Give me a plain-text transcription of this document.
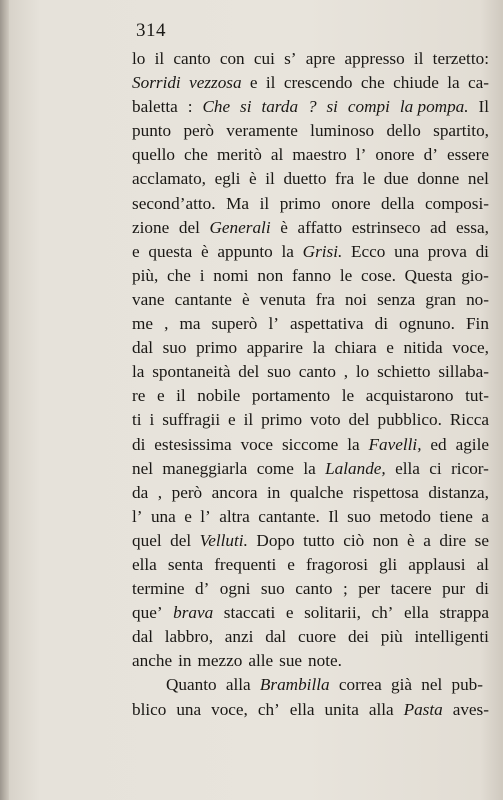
314
lo il canto con cui s’ apre appresso il terzetto:
Sorridi vezzosa e il crescendo che chiude la ca-
baletta : Che si tarda ? si compi la pompa. Il
punto però veramente luminoso dello spartito,
quello che meritò al maestro l’ onore d’ essere
acclamato, egli è il duetto fra le due donne nel
second’atto. Ma il primo onore della composi-
zione del Generali è affatto estrinseco ad essa,
e questa è appunto la Grisi. Ecco una prova di
più, che i nomi non fanno le cose. Questa gio-
vane cantante è venuta fra noi senza gran no-
me , ma superò l’ aspettativa di ognuno. Fin
dal suo primo apparire la chiara e nitida voce,
la spontaneità del suo canto , lo schietto sillaba-
re e il nobile portamento le acquistarono tut-
ti i suffragii e il primo voto del pubblico. Ricca
di estesissima voce siccome la Favelli, ed agile
nel maneggiarla come la Lalande, ella ci ricor-
da , però ancora in qualche rispettosa distanza,
l’ una e l’ altra cantante. Il suo metodo tiene a
quel del Velluti. Dopo tutto ciò non è a dire se
ella senta frequenti e fragorosi gli applausi al
termine d’ ogni suo canto ; per tacere pur di
que’ brava staccati e solitarii, ch’ ella strappa
dal labbro, anzi dal cuore dei più intelligenti
anche in mezzo alle sue note.
Quanto alla Brambilla correa già nel pub-
blico una voce, ch’ ella unita alla Pasta aves-
